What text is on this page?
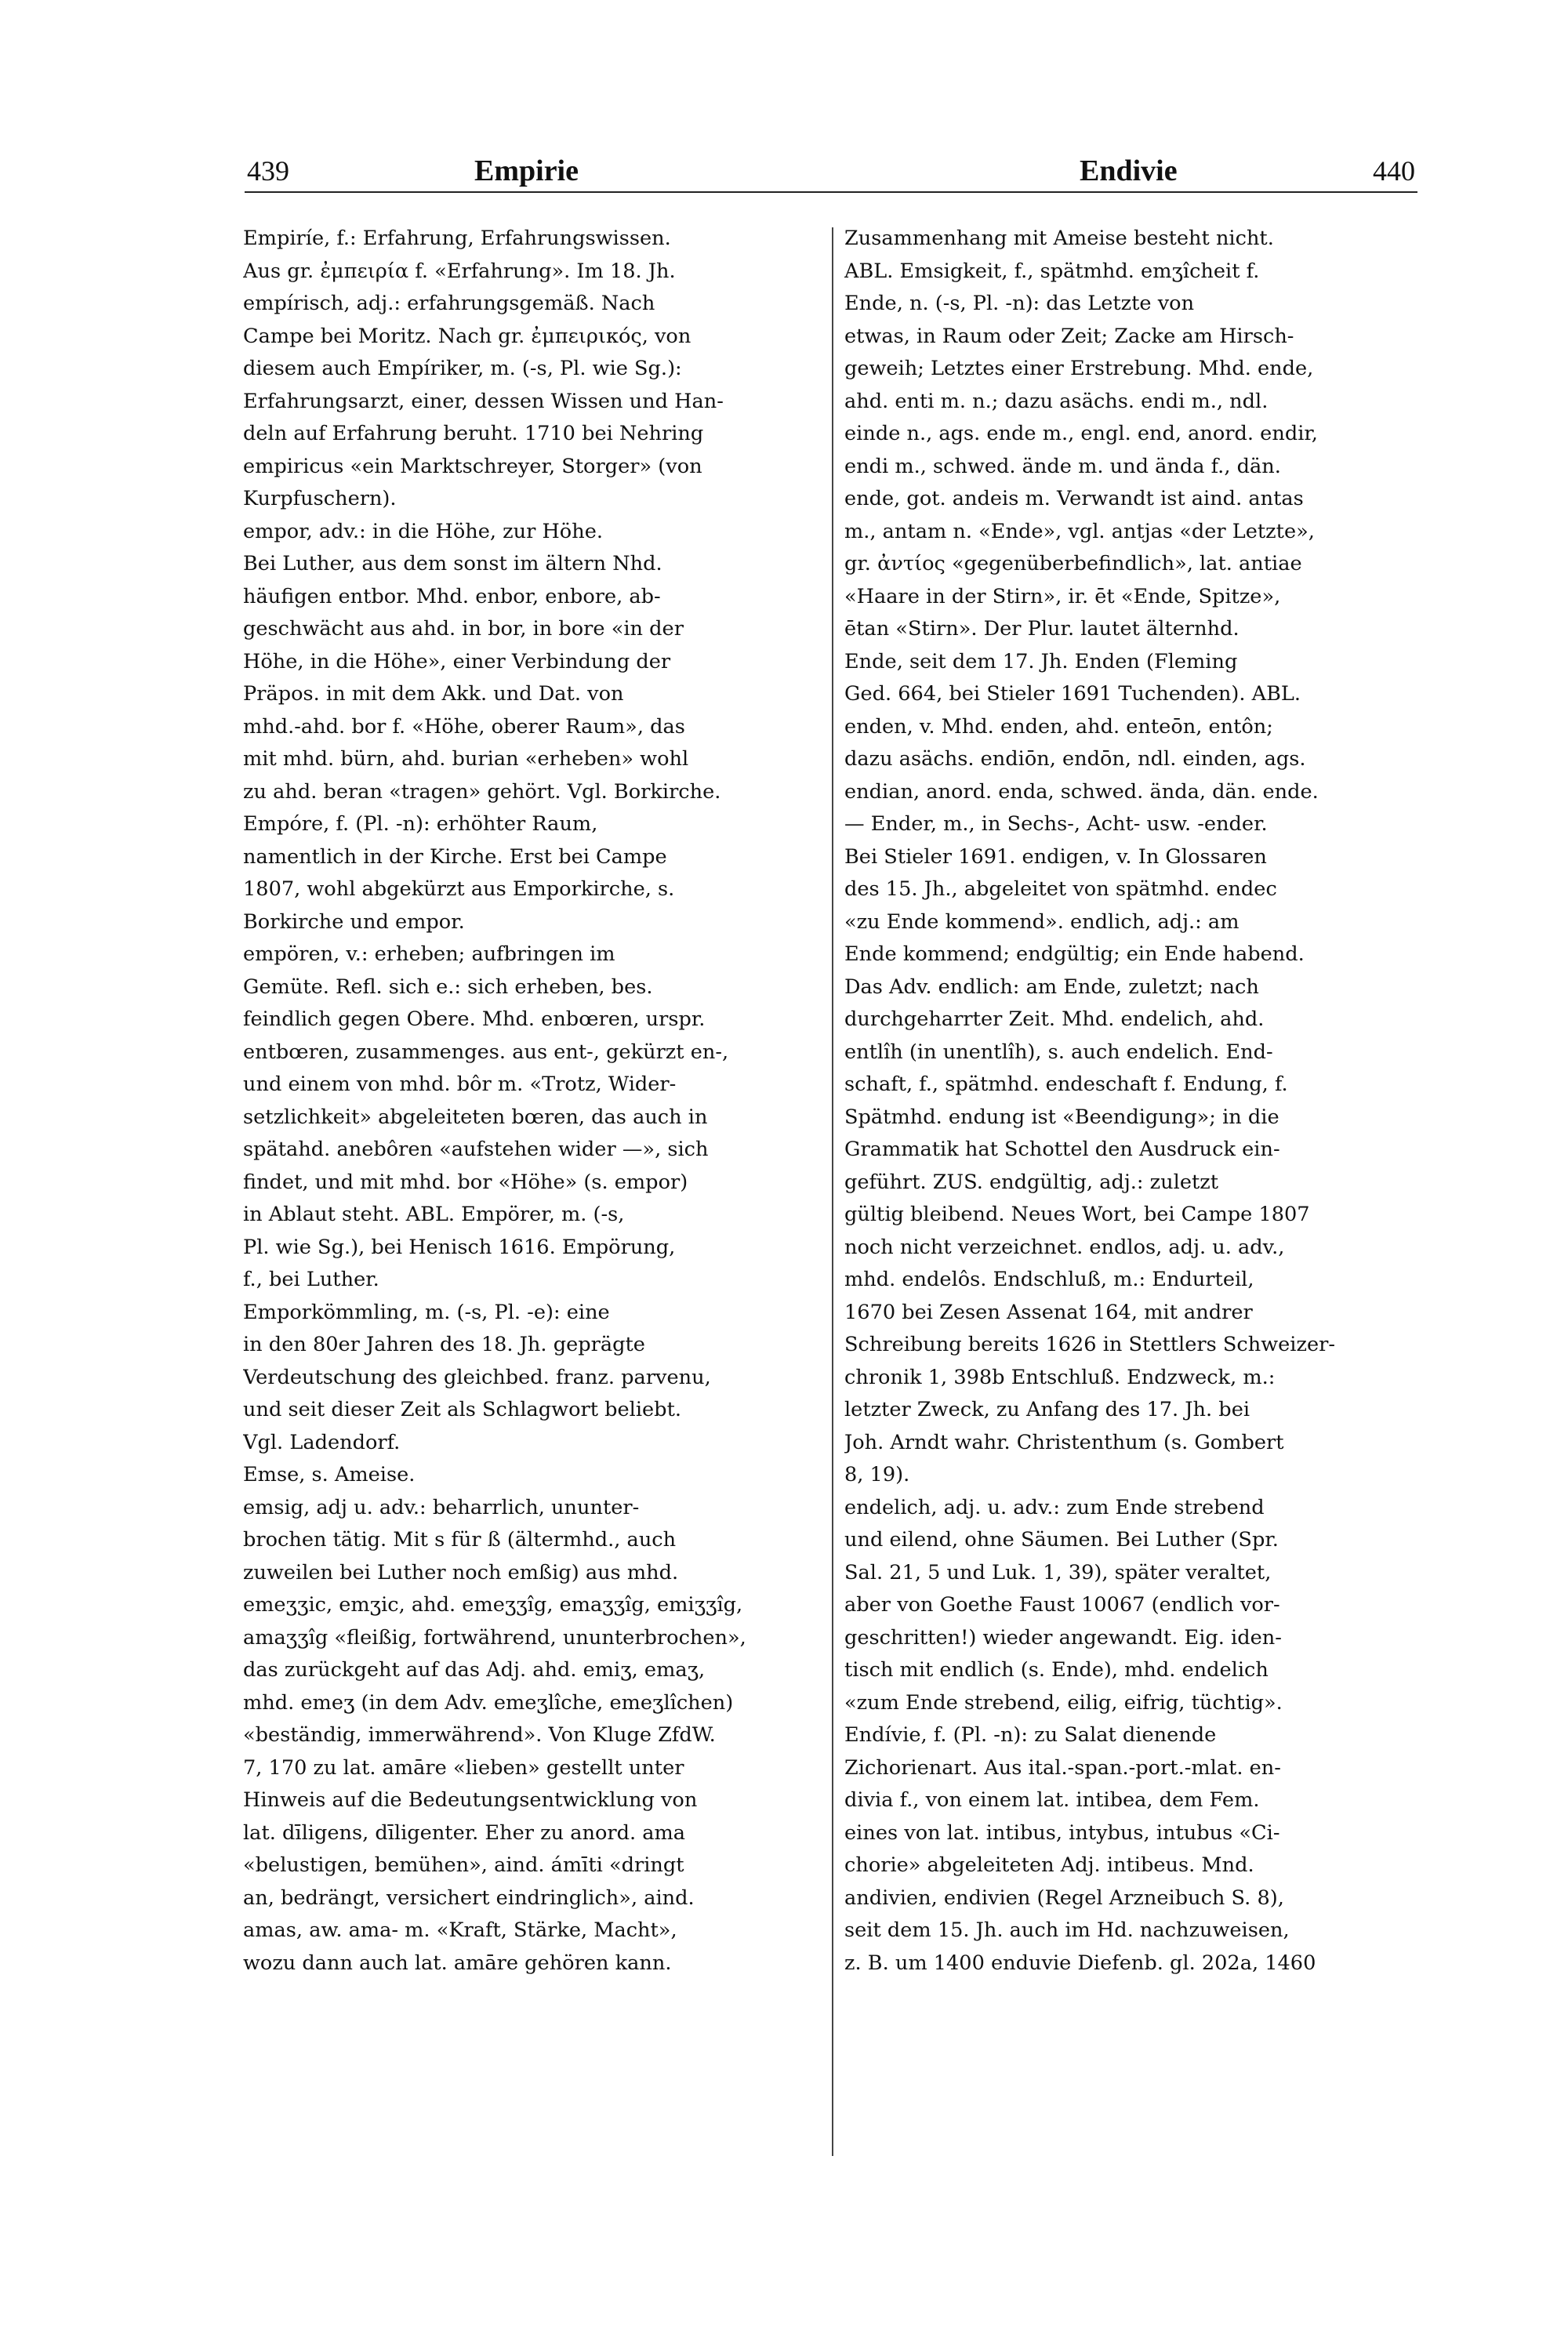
439	Empirie	Endivie	440
Empiríe, f.: Erfahrung, Erfahrungswissen.
Aus gr. ἐμπειρία f. «Erfahrung». Im 18. Jh.
empírisch, adj.: erfahrungsgemäß. Nach
Campe bei Moritz. Nach gr. ἐμπειρικός, von
diesem auch Empíriker, m. (-s, Pl. wie Sg.):
Erfahrungsarzt, einer, dessen Wissen und Han-
deln auf Erfahrung beruht. 1710 bei Nehring
empiricus «ein Marktschreyer, Storger» (von
Kurpfuschern).
empor, adv.: in die Höhe, zur Höhe.
Bei Luther, aus dem sonst im ältern Nhd.
häufigen entbor. Mhd. enbor, enbore, ab-
geschwächt aus ahd. in bor, in bore «in der
Höhe, in die Höhe», einer Verbindung der
Präpos. in mit dem Akk. und Dat. von
mhd.-ahd. bor f. «Höhe, oberer Raum», das
mit mhd. bürn, ahd. burian «erheben» wohl
zu ahd. beran «tragen» gehört. Vgl. Borkirche.
Empóre, f. (Pl. -n): erhöhter Raum,
namentlich in der Kirche. Erst bei Campe
1807, wohl abgekürzt aus Emporkirche, s.
Borkirche und empor.
empören, v.: erheben; aufbringen im
Gemüte. Refl. sich e.: sich erheben, bes.
feindlich gegen Obere. Mhd. enbœren, urspr.
entbœren, zusammenges. aus ent-, gekürzt en-,
und einem von mhd. bôr m. «Trotz, Wider-
setzlichkeit» abgeleiteten bœren, das auch in
spätahd. anebôren «aufstehen wider —», sich
findet, und mit mhd. bor «Höhe» (s. empor)
in Ablaut steht. ABL. Empörer, m. (-s,
Pl. wie Sg.), bei Henisch 1616. Empörung,
f., bei Luther.
Emporkömmling, m. (-s, Pl. -e): eine
in den 80er Jahren des 18. Jh. geprägte
Verdeutschung des gleichbed. franz. parvenu,
und seit dieser Zeit als Schlagwort beliebt.
Vgl. Ladendorf.
Emse, s. Ameise.
emsig, adj u. adv.: beharrlich, ununter-
brochen tätig. Mit s für ß (ältermhd., auch
zuweilen bei Luther noch emßig) aus mhd.
emeʒʒic, emʒic, ahd. emeʒʒîg, emaʒʒîg, emiʒʒîg,
amaʒʒîg «fleißig, fortwährend, ununterbrochen»,
das zurückgeht auf das Adj. ahd. emiʒ, emaʒ,
mhd. emeʒ (in dem Adv. emeʒlîche, emeʒlîchen)
«beständig, immerwährend». Von Kluge ZfdW.
7, 170 zu lat. amāre «lieben» gestellt unter
Hinweis auf die Bedeutungsentwicklung von
lat. dīligens, dīligenter. Eher zu anord. ama
«belustigen, bemühen», aind. ámīti «dringt
an, bedrängt, versichert eindringlich», aind.
amas, aw. ama- m. «Kraft, Stärke, Macht»,
wozu dann auch lat. amāre gehören kann.
Zusammenhang mit Ameise besteht nicht.
ABL. Emsigkeit, f., spätmhd. emʒîcheit f.
Ende, n. (-s, Pl. -n): das Letzte von
etwas, in Raum oder Zeit; Zacke am Hirsch-
geweih; Letztes einer Erstrebung. Mhd. ende,
ahd. enti m. n.; dazu asächs. endi m., ndl.
einde n., ags. ende m., engl. end, anord. endir,
endi m., schwed. ände m. und ända f., dän.
ende, got. andeis m. Verwandt ist aind. antas
m., antam n. «Ende», vgl. antjas «der Letzte»,
gr. ἀντίος «gegenüberbefindlich», lat. antiae
«Haare in der Stirn», ir. ēt «Ende, Spitze»,
ētan «Stirn». Der Plur. lautet älternhd.
Ende, seit dem 17. Jh. Enden (Fleming
Ged. 664, bei Stieler 1691 Tuchenden). ABL.
enden, v. Mhd. enden, ahd. enteōn, entôn;
dazu asächs. endiōn, endōn, ndl. einden, ags.
endian, anord. enda, schwed. ända, dän. ende.
— Ender, m., in Sechs-, Acht- usw. -ender.
Bei Stieler 1691. endigen, v. In Glossaren
des 15. Jh., abgeleitet von spätmhd. endec
«zu Ende kommend». endlich, adj.: am
Ende kommend; endgültig; ein Ende habend.
Das Adv. endlich: am Ende, zuletzt; nach
durchgeharrter Zeit. Mhd. endelich, ahd.
entlîh (in unentlîh), s. auch endelich. End-
schaft, f., spätmhd. endeschaft f. Endung, f.
Spätmhd. endung ist «Beendigung»; in die
Grammatik hat Schottel den Ausdruck ein-
geführt. ZUS. endgültig, adj.: zuletzt
gültig bleibend. Neues Wort, bei Campe 1807
noch nicht verzeichnet. endlos, adj. u. adv.,
mhd. endelôs. Endschluß, m.: Endurteil,
1670 bei Zesen Assenat 164, mit andrer
Schreibung bereits 1626 in Stettlers Schweizer-
chronik 1, 398b Entschluß. Endzweck, m.:
letzter Zweck, zu Anfang des 17. Jh. bei
Joh. Arndt wahr. Christenthum (s. Gombert
8, 19).
endelich, adj. u. adv.: zum Ende strebend
und eilend, ohne Säumen. Bei Luther (Spr.
Sal. 21, 5 und Luk. 1, 39), später veraltet,
aber von Goethe Faust 10067 (endlich vor-
geschritten!) wieder angewandt. Eig. iden-
tisch mit endlich (s. Ende), mhd. endelich
«zum Ende strebend, eilig, eifrig, tüchtig».
Endívie, f. (Pl. -n): zu Salat dienende
Zichorienart. Aus ital.-span.-port.-mlat. en-
divia f., von einem lat. intibea, dem Fem.
eines von lat. intibus, intybus, intubus «Ci-
chorie» abgeleiteten Adj. intibeus. Mnd.
andivien, endivien (Regel Arzneibuch S. 8),
seit dem 15. Jh. auch im Hd. nachzuweisen,
z. B. um 1400 enduvie Diefenb. gl. 202a, 1460
